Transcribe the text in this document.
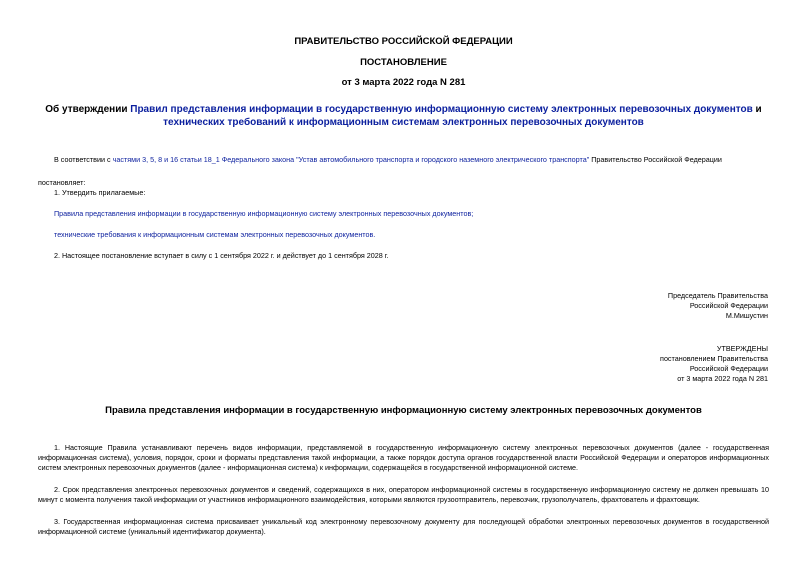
ПРАВИТЕЛЬСТВО РОССИЙСКОЙ ФЕДЕРАЦИИ
ПОСТАНОВЛЕНИЕ
от 3 марта 2022 года N 281
Об утверждении Правил представления информации в государственную информационную систему электронных перевозочных документов и технических требований к информационным системам электронных перевозочных документов
В соответствии с частями 3, 5, 8 и 16 статьи 18_1 Федерального закона "Устав автомобильного транспорта и городского наземного электрического транспорта" Правительство Российской Федерации
постановляет:
1. Утвердить прилагаемые:
Правила представления информации в государственную информационную систему электронных перевозочных документов;
технические требования к информационным системам электронных перевозочных документов.
2. Настоящее постановление вступает в силу с 1 сентября 2022 г. и действует до 1 сентября 2028 г.
Председатель Правительства
Российской Федерации
М.Мишустин
УТВЕРЖДЕНЫ
постановлением Правительства
Российской Федерации
от 3 марта 2022 года N 281
Правила представления информации в государственную информационную систему электронных перевозочных документов
1. Настоящие Правила устанавливают перечень видов информации, представляемой в государственную информационную систему электронных перевозочных документов (далее - государственная информационная система), условия, порядок, сроки и форматы представления такой информации, а также порядок доступа органов государственной власти Российской Федерации и операторов информационных систем электронных перевозочных документов (далее - информационная система) к информации, содержащейся в государственной информационной системе.
2. Срок представления электронных перевозочных документов и сведений, содержащихся в них, оператором информационной системы в государственную информационную систему не должен превышать 10 минут с момента получения такой информации от участников информационного взаимодействия, которыми являются грузоотправитель, перевозчик, грузополучатель, фрахтователь и фрахтовщик.
3. Государственная информационная система присваивает уникальный код электронному перевозочному документу для последующей обработки электронных перевозочных документов в государственной информационной системе (уникальный идентификатор документа).
